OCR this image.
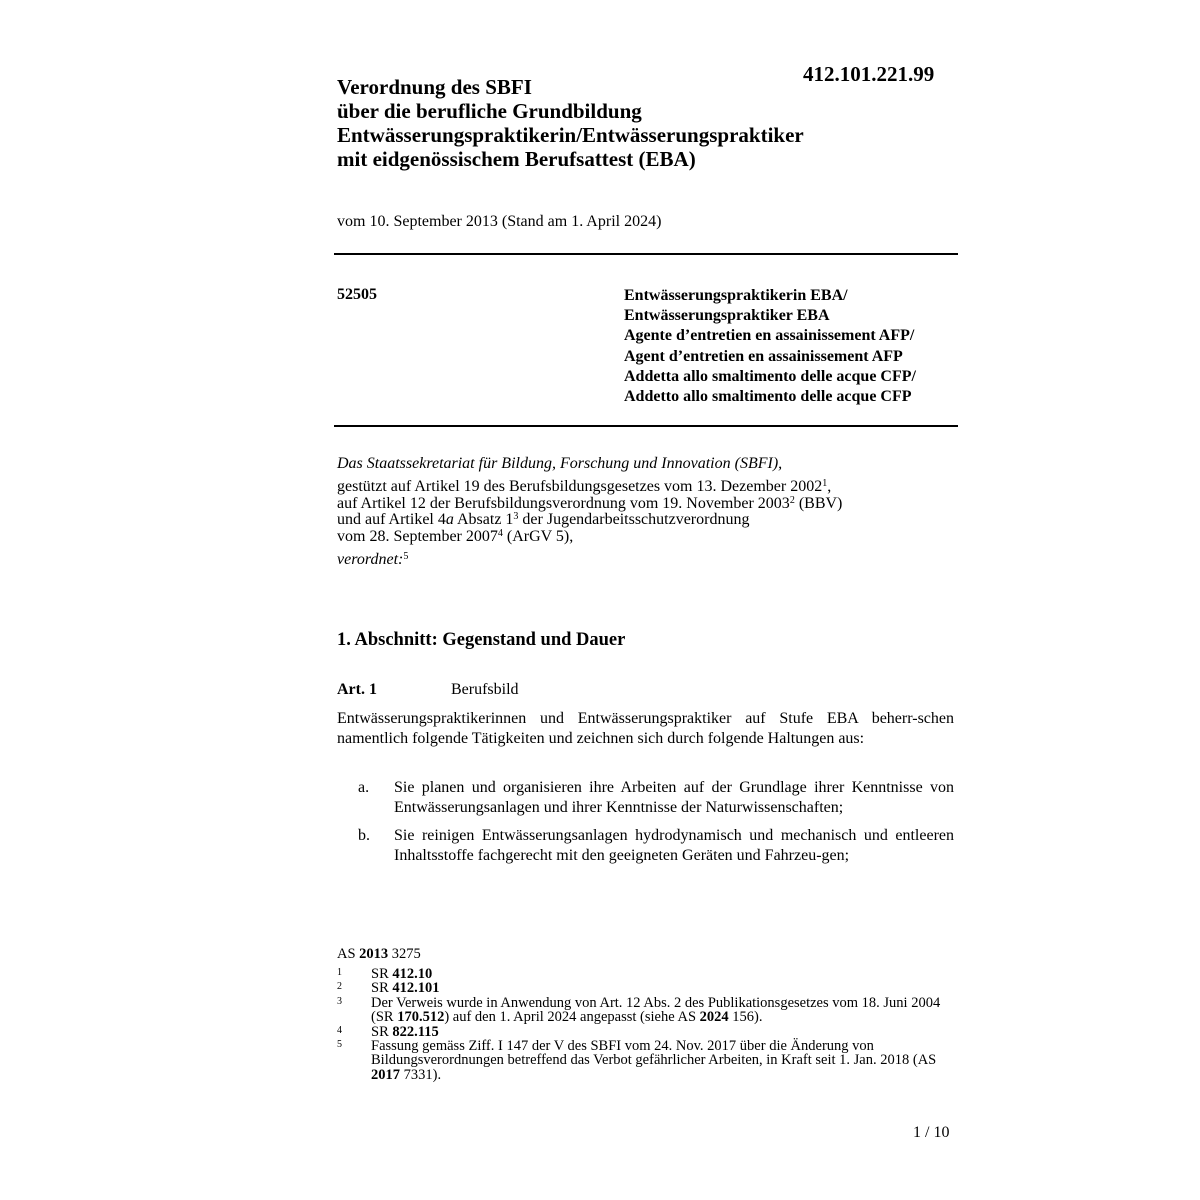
412.101.221.99
Verordnung des SBFI
über die berufliche Grundbildung
Entwässerungspraktikerin/Entwässerungspraktiker
mit eidgenössischem Berufsattest (EBA)
vom 10. September 2013 (Stand am 1. April 2024)
52505	Entwässerungspraktikerin EBA/
Entwässerungspraktiker EBA
Agente d’entretien en assainissement AFP/
Agent d’entretien en assainissement AFP
Addetta allo smaltimento delle acque CFP/
Addetto allo smaltimento delle acque CFP
Das Staatssekretariat für Bildung, Forschung und Innovation (SBFI),
gestützt auf Artikel 19 des Berufsbildungsgesetzes vom 13. Dezember 2002$^1$,
auf Artikel 12 der Berufsbildungsverordnung vom 19. November 2003$^2$ (BBV)
und auf Artikel 4a Absatz $1^3$ der Jugendarbeitsschutzverordnung
vom 28. September 2007$^4$ (ArGV 5),
verordnet:$^5$
1. Abschnitt: Gegenstand und Dauer
Art. 1	Berufsbild
Entwässerungspraktikerinnen und Entwässerungspraktiker auf Stufe EBA beherr-schen namentlich folgende Tätigkeiten und zeichnen sich durch folgende Haltungen aus:
a. Sie planen und organisieren ihre Arbeiten auf der Grundlage ihrer Kenntnisse von Entwässerungsanlagen und ihrer Kenntnisse der Naturwissenschaften;
b. Sie reinigen Entwässerungsanlagen hydrodynamisch und mechanisch und entleeren Inhaltsstoffe fachgerecht mit den geeigneten Geräten und Fahrzeu-gen;
AS 2013 3275
1 SR 412.10
2 SR 412.101
3 Der Verweis wurde in Anwendung von Art. 12 Abs. 2 des Publikationsgesetzes vom 18. Juni 2004 (SR 170.512) auf den 1. April 2024 angepasst (siehe AS 2024 156).
4 SR 822.115
5 Fassung gemäss Ziff. I 147 der V des SBFI vom 24. Nov. 2017 über die Änderung von Bildungsverordnungen betreffend das Verbot gefährlicher Arbeiten, in Kraft seit 1. Jan. 2018 (AS 2017 7331).
1 / 10
